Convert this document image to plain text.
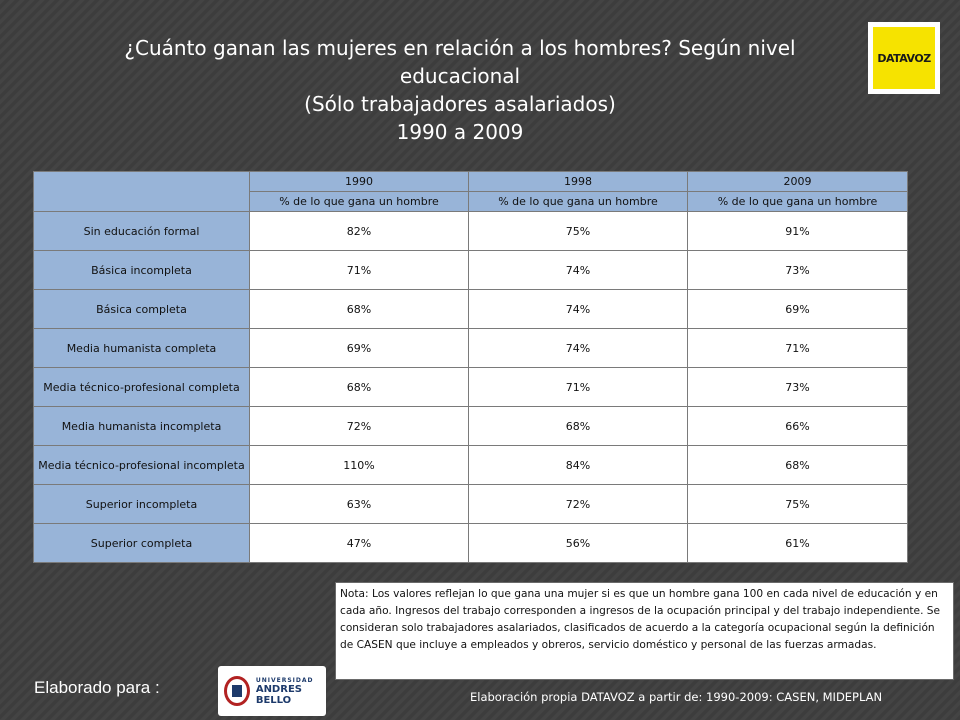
¿Cuánto ganan las mujeres en relación a los hombres? Según nivel
educacional
(Sólo trabajadores asalariados)
1990 a 2009
DATAVOZ
	1990	1998	2009
	% de lo que gana un hombre	% de lo que gana un hombre	% de lo que gana un hombre
Sin educación formal	82%	75%	91%
Básica incompleta	71%	74%	73%
Básica completa	68%	74%	69%
Media humanista completa	69%	74%	71%
Media técnico-profesional completa	68%	71%	73%
Media humanista incompleta	72%	68%	66%
Media técnico-profesional incompleta	110%	84%	68%
Superior incompleta	63%	72%	75%
Superior completa	47%	56%	61%
Nota: Los valores reflejan lo que gana una mujer si es que un hombre gana 100 en cada nivel de educación y en cada año. Ingresos del trabajo corresponden a ingresos de la ocupación principal y del trabajo independiente. Se consideran solo trabajadores asalariados, clasificados de acuerdo a la categoría ocupacional según la definición de CASEN que incluye a empleados y obreros, servicio doméstico y personal de las fuerzas armadas.
Elaborado para :	UNIVERSIDAD
ANDRES BELLO	Elaboración propia DATAVOZ a partir de: 1990-2009: CASEN, MIDEPLAN
